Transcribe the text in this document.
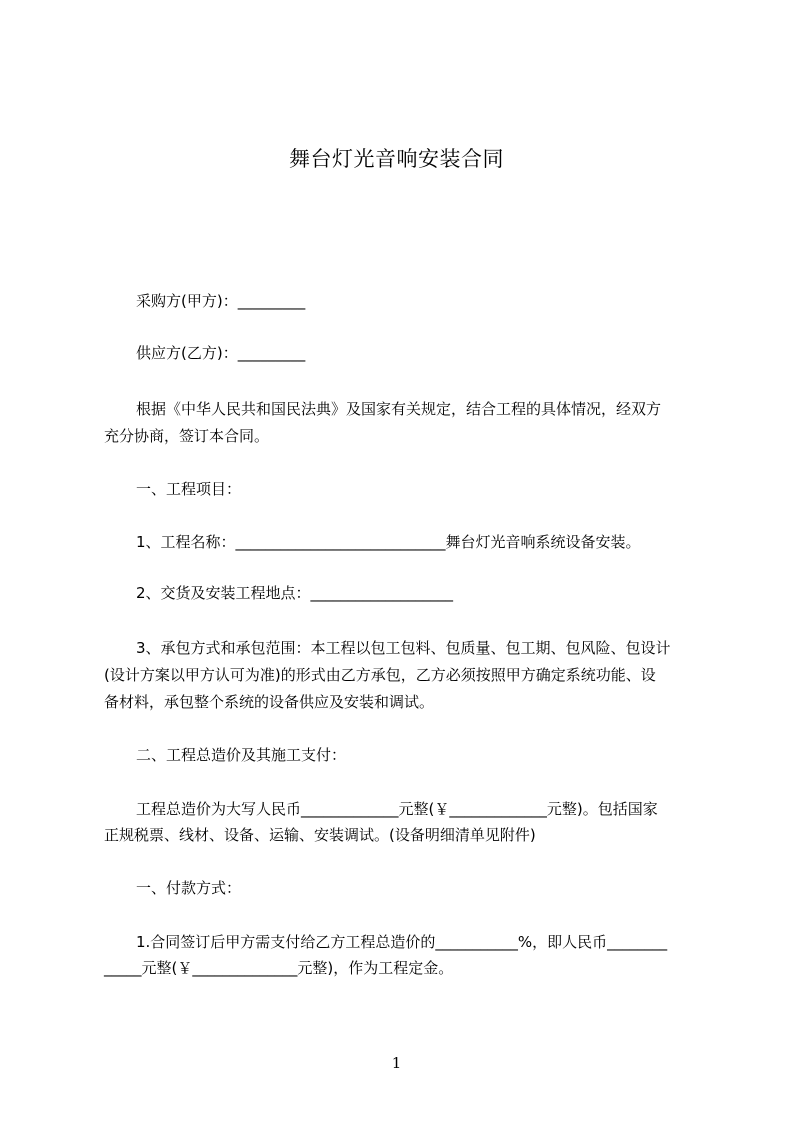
舞台灯光音响安装合同
采购方(甲方)：_________
供应方(乙方)：_________
根据《中华人民共和国民法典》及国家有关规定，结合工程的具体情况，经双方
充分协商，签订本合同。
一、工程项目：
1、工程名称：____________________________舞台灯光音响系统设备安装。
2、交货及安装工程地点：___________________
3、承包方式和承包范围：本工程以包工包料、包质量、包工期、包风险、包设计
(设计方案以甲方认可为准)的形式由乙方承包，乙方必须按照甲方确定系统功能、设
备材料，承包整个系统的设备供应及安装和调试。
二、工程总造价及其施工支付：
工程总造价为大写人民币_____________元整(￥_____________元整)。包括国家
正规税票、线材、设备、运输、安装调试。(设备明细清单见附件)
一、付款方式：
1.合同签订后甲方需支付给乙方工程总造价的___________%，即人民币________
_____元整(￥______________元整)，作为工程定金。
1
